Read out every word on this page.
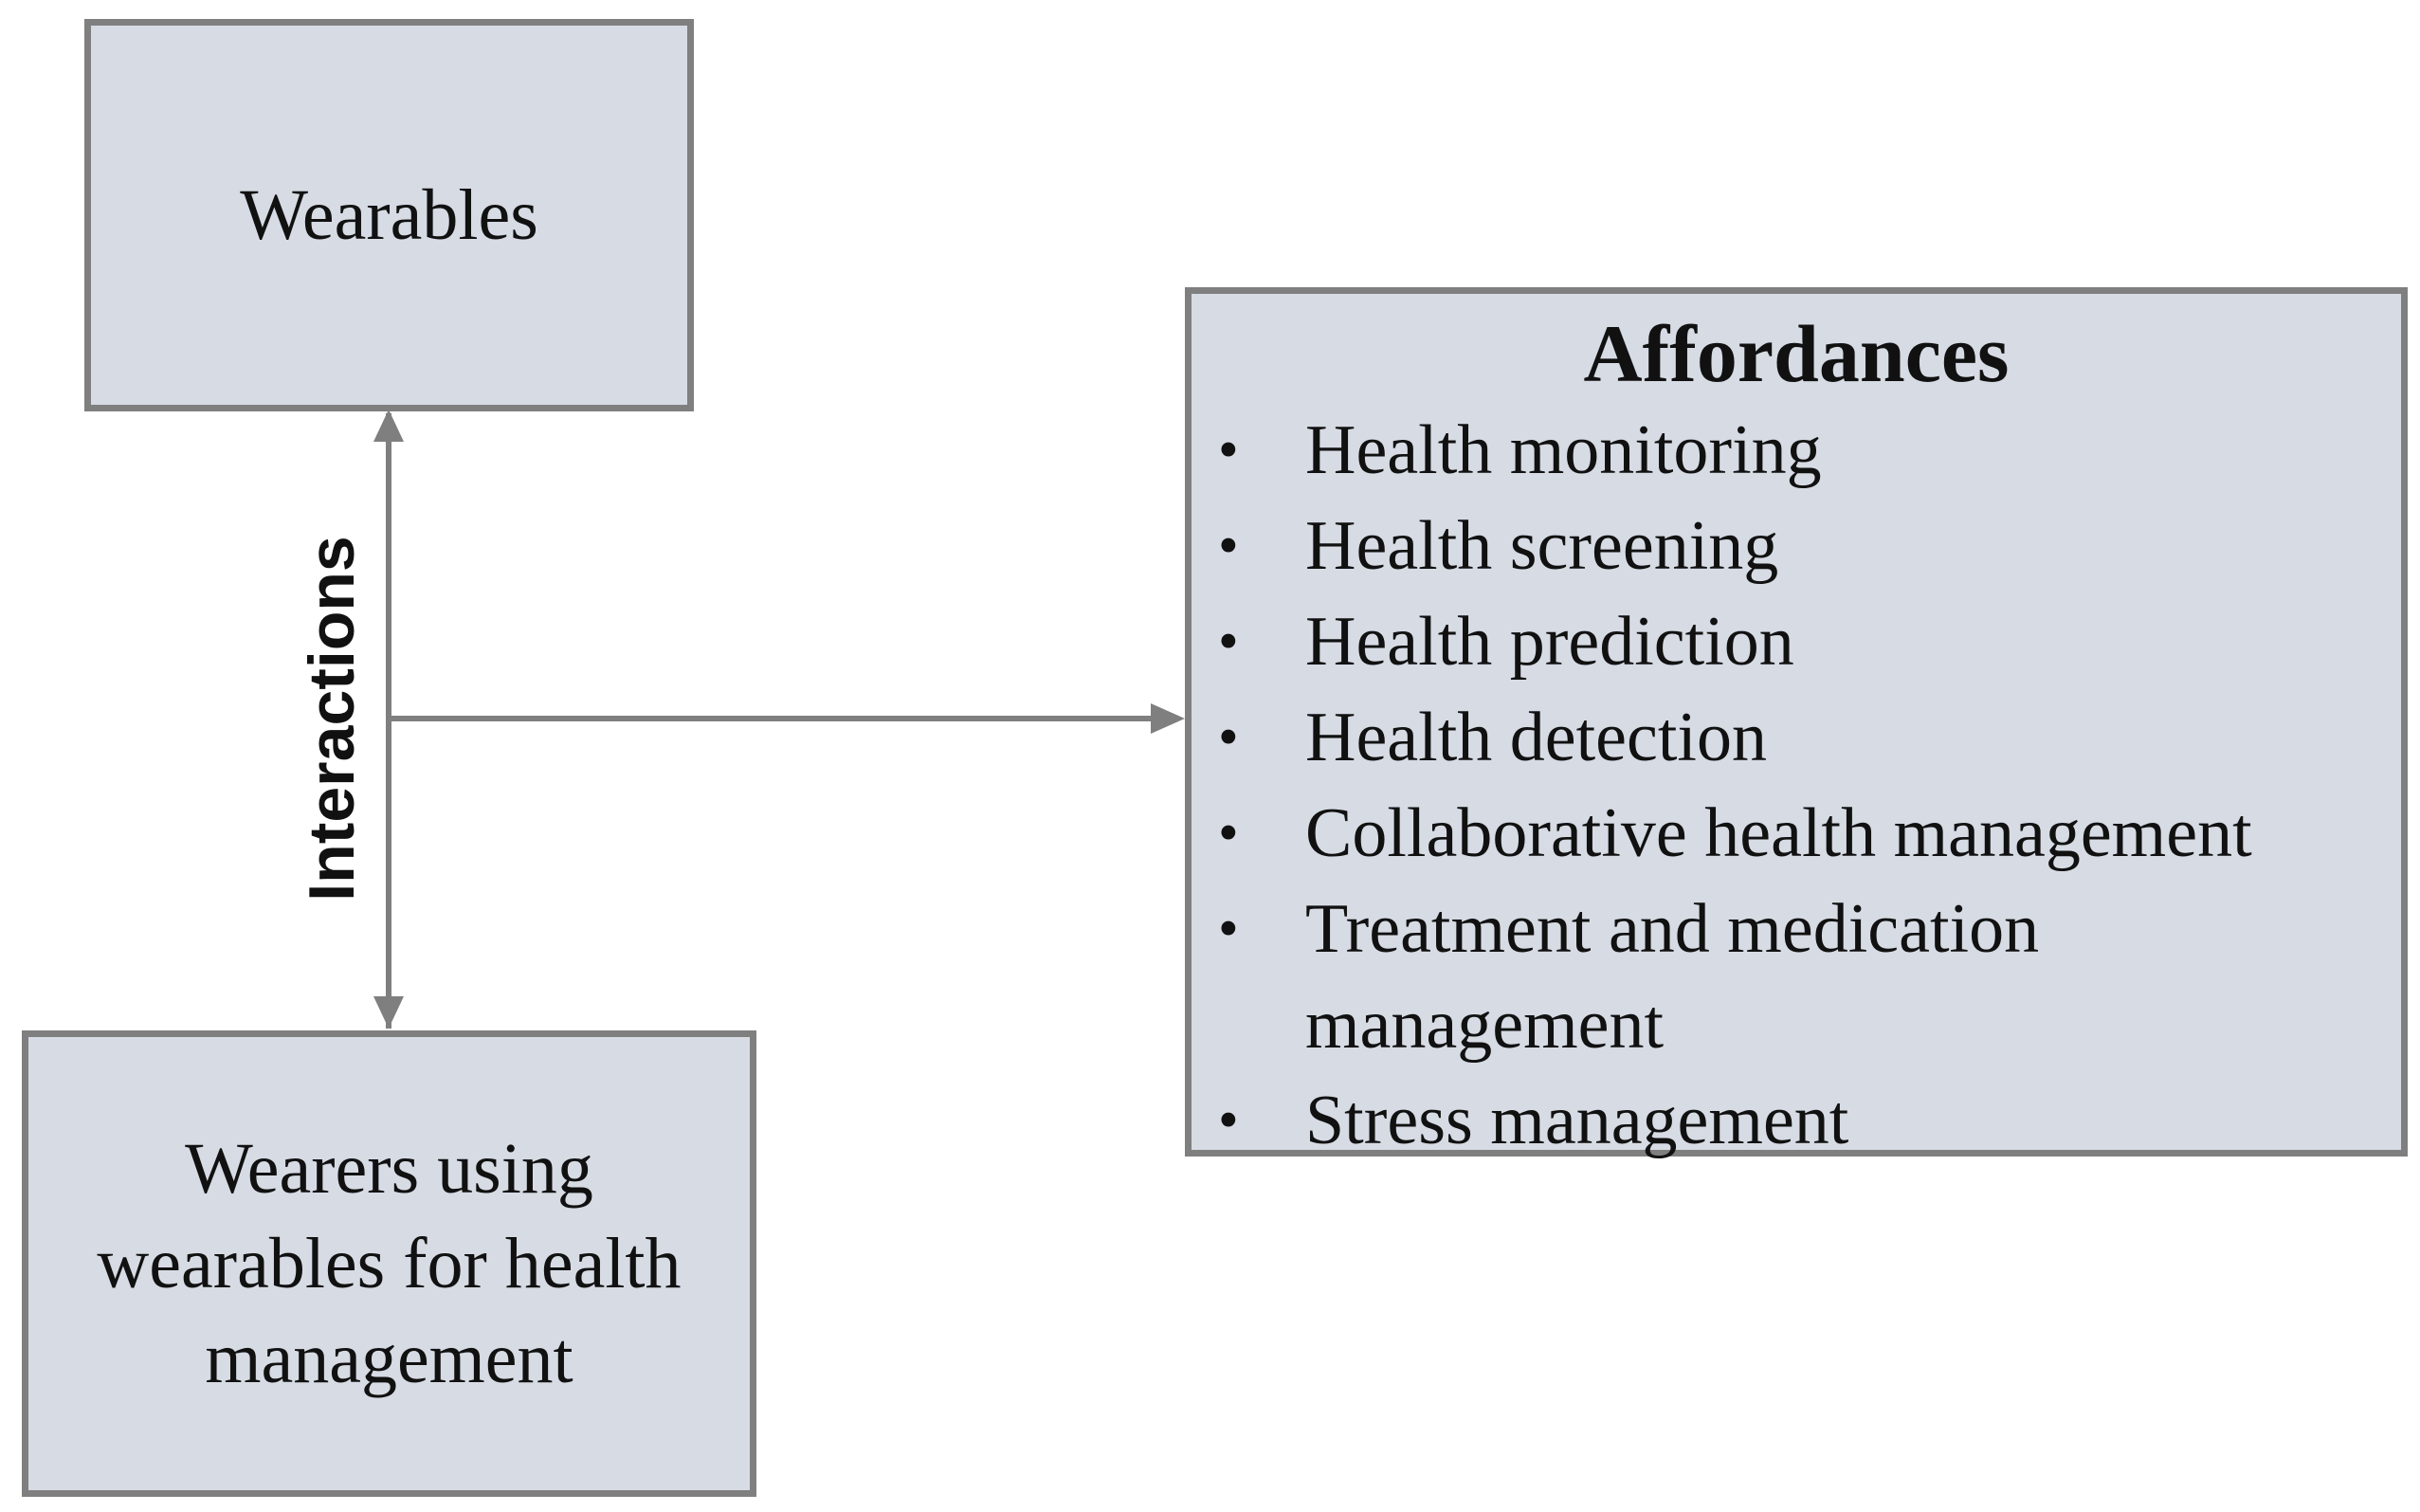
Wearables
Interactions
Wearers using
wearables for health
management
Affordances
• Health monitoring
• Health screening
• Health prediction
• Health detection
• Collaborative health management
• Treatment and medication
management
• Stress management
